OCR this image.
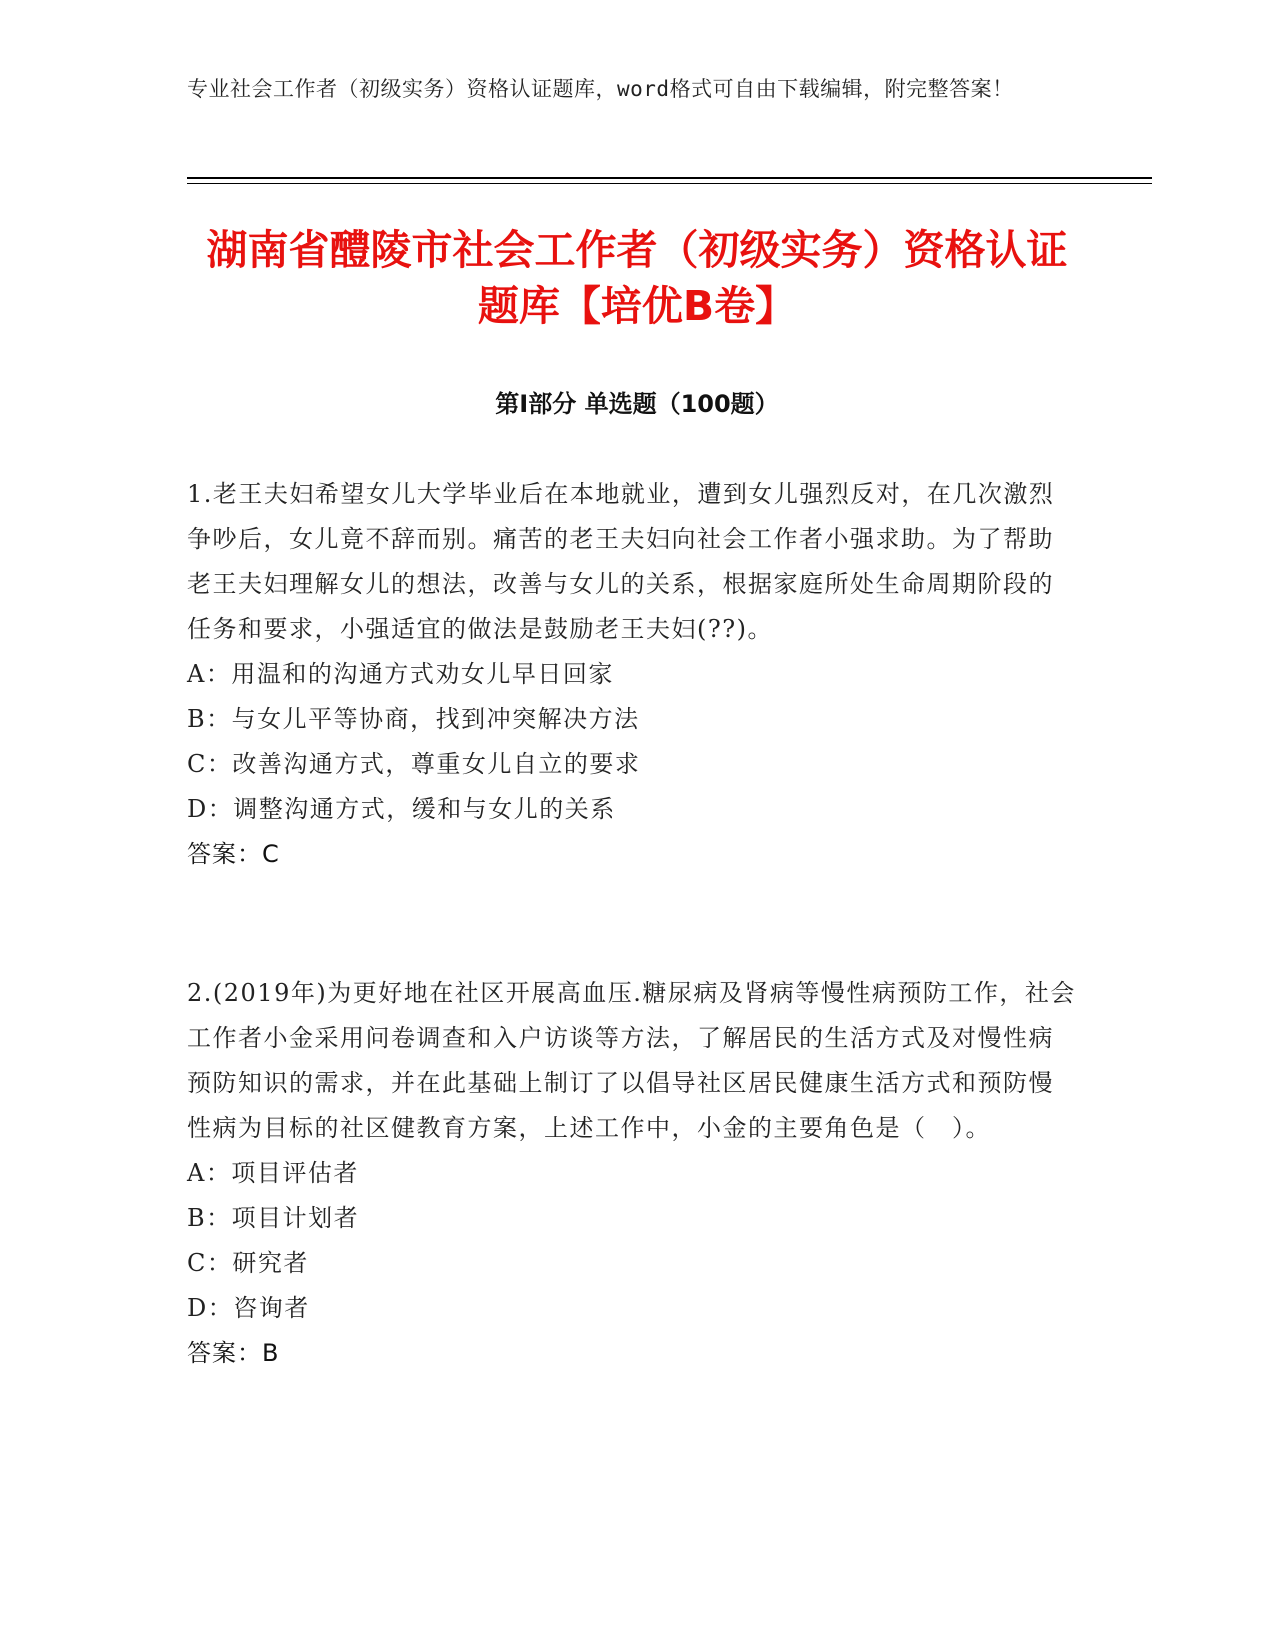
专业社会工作者（初级实务）资格认证题库，word格式可自由下载编辑，附完整答案！
湖南省醴陵市社会工作者（初级实务）资格认证题库【培优B卷】
第Ⅰ部分 单选题（100题）

1.老王夫妇希望女儿大学毕业后在本地就业，遭到女儿强烈反对，在几次激烈争吵后，女儿竟不辞而别。痛苦的老王夫妇向社会工作者小强求助。为了帮助老王夫妇理解女儿的想法，改善与女儿的关系，根据家庭所处生命周期阶段的任务和要求，小强适宜的做法是鼓励老王夫妇(??)。

A：用温和的沟通方式劝女儿早日回家

B：与女儿平等协商，找到冲突解决方法

C：改善沟通方式，尊重女儿自立的要求

D：调整沟通方式，缓和与女儿的关系

答案：C

2.(2019年)为更好地在社区开展高血压.糖尿病及肾病等慢性病预防工作，社会工作者小金采用问卷调查和入户访谈等方法，了解居民的生活方式及对慢性病预防知识的需求，并在此基础上制订了以倡导社区居民健康生活方式和预防慢性病为目标的社区健教育方案，上述工作中，小金的主要角色是（　）。

A：项目评估者

B：项目计划者

C：研究者

D：咨询者

答案：B
